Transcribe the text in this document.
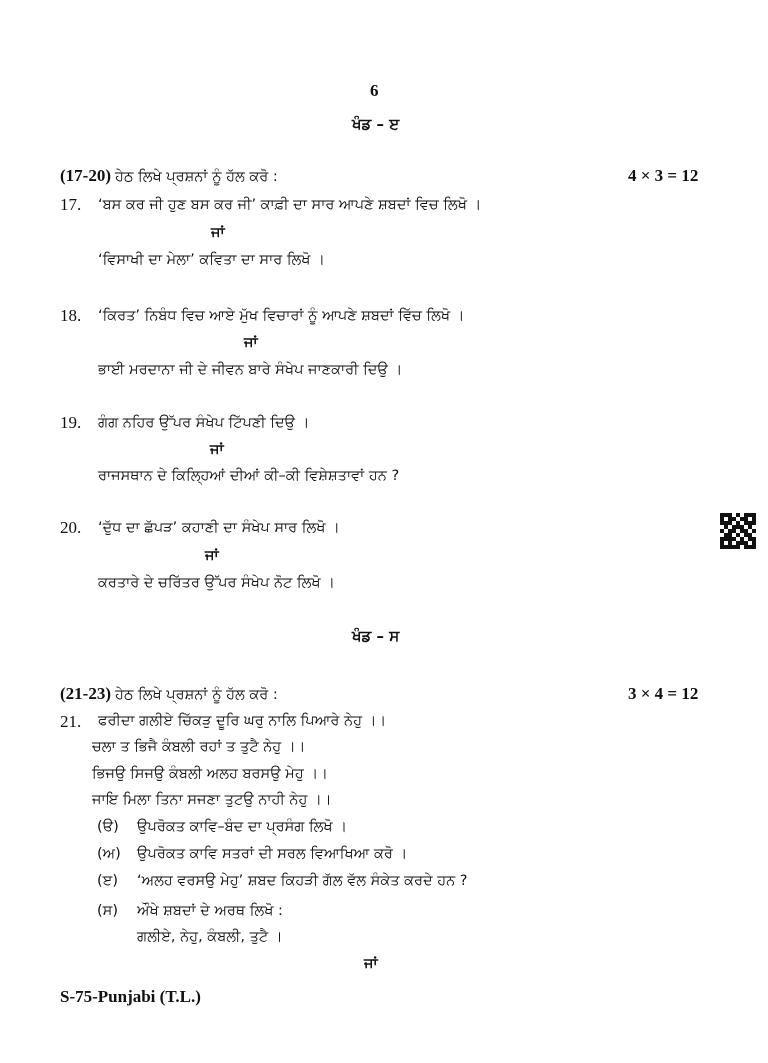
6
ਖੰਡ – ੲ
(17-20) ਹੇਠ ਲਿਖੇ ਪ੍ਰਸ਼ਨਾਂ ਨੂੰ ਹੱਲ ਕਰੋ :	4 × 3 = 12
17. ‘ਬਸ ਕਰ ਜੀ ਹੁਣ ਬਸ ਕਰ ਜੀ’ ਕਾਫ਼ੀ ਦਾ ਸਾਰ ਆਪਣੇ ਸ਼ਬਦਾਂ ਵਿਚ ਲਿਖੋ ।
ਜਾਂ
‘ਵਿਸਾਖੀ ਦਾ ਮੇਲਾ’ ਕਵਿਤਾ ਦਾ ਸਾਰ ਲਿਖੋ ।
18. ‘ਕਿਰਤ’ ਨਿਬੰਧ ਵਿਚ ਆਏ ਮੁੱਖ ਵਿਚਾਰਾਂ ਨੂੰ ਆਪਣੇ ਸ਼ਬਦਾਂ ਵਿੱਚ ਲਿਖੋ ।
ਜਾਂ
ਭਾਈ ਮਰਦਾਨਾ ਜੀ ਦੇ ਜੀਵਨ ਬਾਰੇ ਸੰਖੇਪ ਜਾਣਕਾਰੀ ਦਿਉ ।
19. ਗੰਗ ਨਹਿਰ ਉੱਪਰ ਸੰਖੇਪ ਟਿੱਪਣੀ ਦਿਉ ।
ਜਾਂ
ਰਾਜਸਥਾਨ ਦੇ ਕਿਲ੍ਹਿਆਂ ਦੀਆਂ ਕੀ–ਕੀ ਵਿਸ਼ੇਸ਼ਤਾਵਾਂ ਹਨ ?
20. ‘ਦੁੱਧ ਦਾ ਛੱਪੜ’ ਕਹਾਣੀ ਦਾ ਸੰਖੇਪ ਸਾਰ ਲਿਖੋ ।
ਜਾਂ
ਕਰਤਾਰੇ ਦੇ ਚਰਿੱਤਰ ਉੱਪਰ ਸੰਖੇਪ ਨੋਟ ਲਿਖੋ ।
ਖੰਡ – ਸ
(21-23) ਹੇਠ ਲਿਖੇ ਪ੍ਰਸ਼ਨਾਂ ਨੂੰ ਹੱਲ ਕਰੋ :	3 × 4 = 12
21. ਫਰੀਦਾ ਗਲੀਏ ਚਿੱਕੜੁ ਦੂਰਿ ਘਰੁ ਨਾਲਿ ਪਿਆਰੇ ਨੇਹੁ ।।
ਚਲਾ ਤ ਭਿਜੈ ਕੰਬਲੀ ਰਹਾਂ ਤ ਤੁਟੈ ਨੇਹੁ ।।
ਭਿਜਉ ਸਿਜਉ ਕੰਬਲੀ ਅਲਹ ਬਰਸਉ ਮੇਹੁ ।।
ਜਾਇ ਮਿਲਾ ਤਿਨਾ ਸਜਣਾ ਤੁਟਉ ਨਾਹੀ ਨੇਹੁ ।।
(ੳ) ਉਪਰੋਕਤ ਕਾਵਿ–ਬੰਦ ਦਾ ਪ੍ਰਸੰਗ ਲਿਖੋ ।
(ਅ) ਉਪਰੋਕਤ ਕਾਵਿ ਸਤਰਾਂ ਦੀ ਸਰਲ ਵਿਆਖਿਆ ਕਰੋ ।
(ੲ) ‘ਅਲਹ ਵਰਸਉ ਮੇਹੁ’ ਸ਼ਬਦ ਕਿਹੜੀ ਗੱਲ ਵੱਲ ਸੰਕੇਤ ਕਰਦੇ ਹਨ ?
(ਸ) ਔਖੇ ਸ਼ਬਦਾਂ ਦੇ ਅਰਥ ਲਿਖੋ :
ਗਲੀਏ, ਨੇਹੁ, ਕੰਬਲੀ, ਤੁਟੈ ।
ਜਾਂ
S-75-Punjabi (T.L.)
